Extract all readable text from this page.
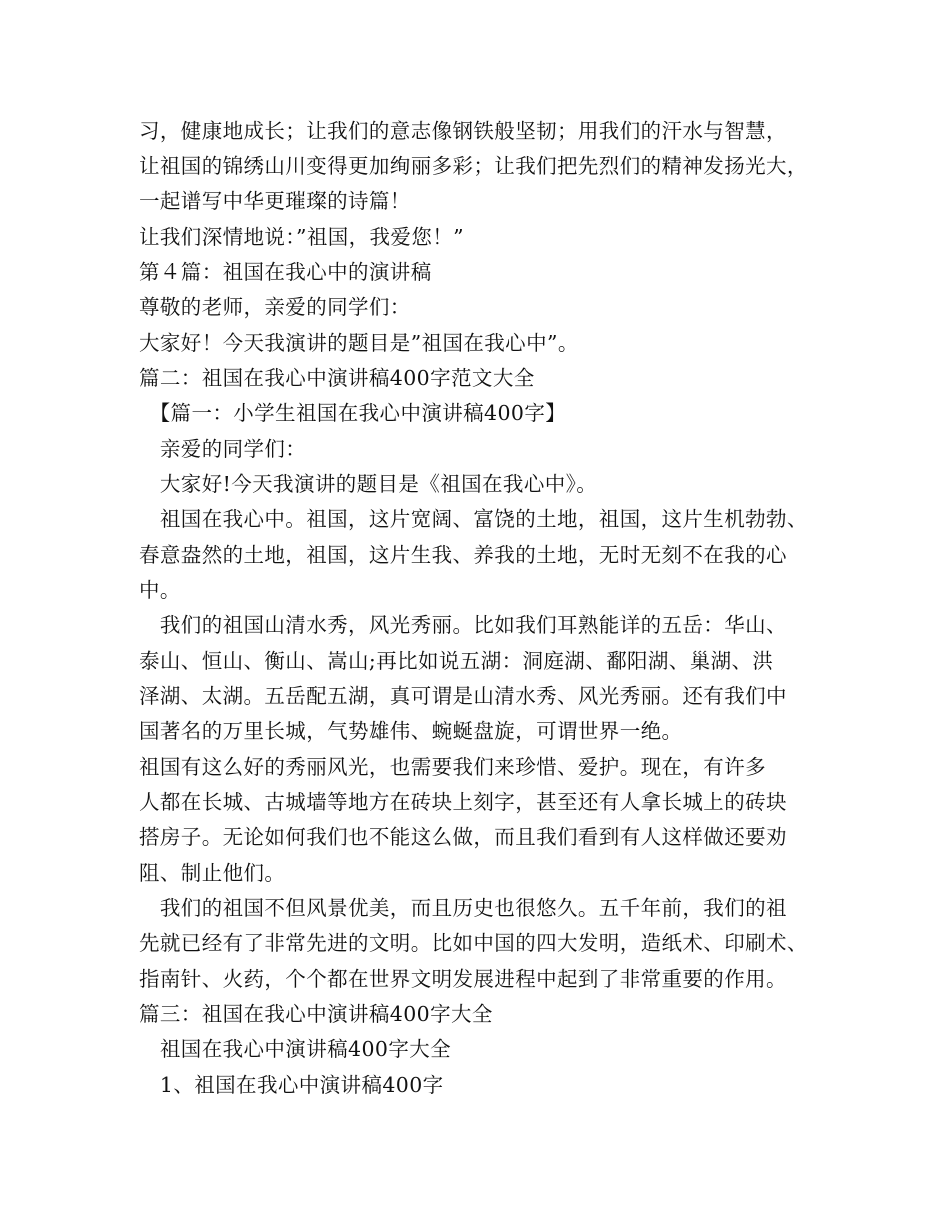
习，健康地成长；让我们的意志像钢铁般坚韧；用我们的汗水与智慧，
让祖国的锦绣山川变得更加绚丽多彩；让我们把先烈们的精神发扬光大，
一起谱写中华更璀璨的诗篇！
让我们深情地说：”祖国，我爱您！”
第４篇：祖国在我心中的演讲稿
尊敬的老师，亲爱的同学们：
大家好！今天我演讲的题目是”祖国在我心中”。
篇二：祖国在我心中演讲稿400字范文大全
　【篇一：小学生祖国在我心中演讲稿400字】
　亲爱的同学们：
　大家好!今天我演讲的题目是《祖国在我心中》。
　祖国在我心中。祖国，这片宽阔、富饶的土地，祖国，这片生机勃勃、
春意盎然的土地，祖国，这片生我、养我的土地，无时无刻不在我的心
中。
　我们的祖国山清水秀，风光秀丽。比如我们耳熟能详的五岳：华山、
泰山、恒山、衡山、嵩山;再比如说五湖：洞庭湖、鄱阳湖、巢湖、洪
泽湖、太湖。五岳配五湖，真可谓是山清水秀、风光秀丽。还有我们中
国著名的万里长城，气势雄伟、蜿蜒盘旋，可谓世界一绝。
祖国有这么好的秀丽风光，也需要我们来珍惜、爱护。现在，有许多
人都在长城、古城墙等地方在砖块上刻字，甚至还有人拿长城上的砖块
搭房子。无论如何我们也不能这么做，而且我们看到有人这样做还要劝
阻、制止他们。
　我们的祖国不但风景优美，而且历史也很悠久。五千年前，我们的祖
先就已经有了非常先进的文明。比如中国的四大发明，造纸术、印刷术、
指南针、火药，个个都在世界文明发展进程中起到了非常重要的作用。
篇三：祖国在我心中演讲稿400字大全
　祖国在我心中演讲稿400字大全
　1、祖国在我心中演讲稿400字
